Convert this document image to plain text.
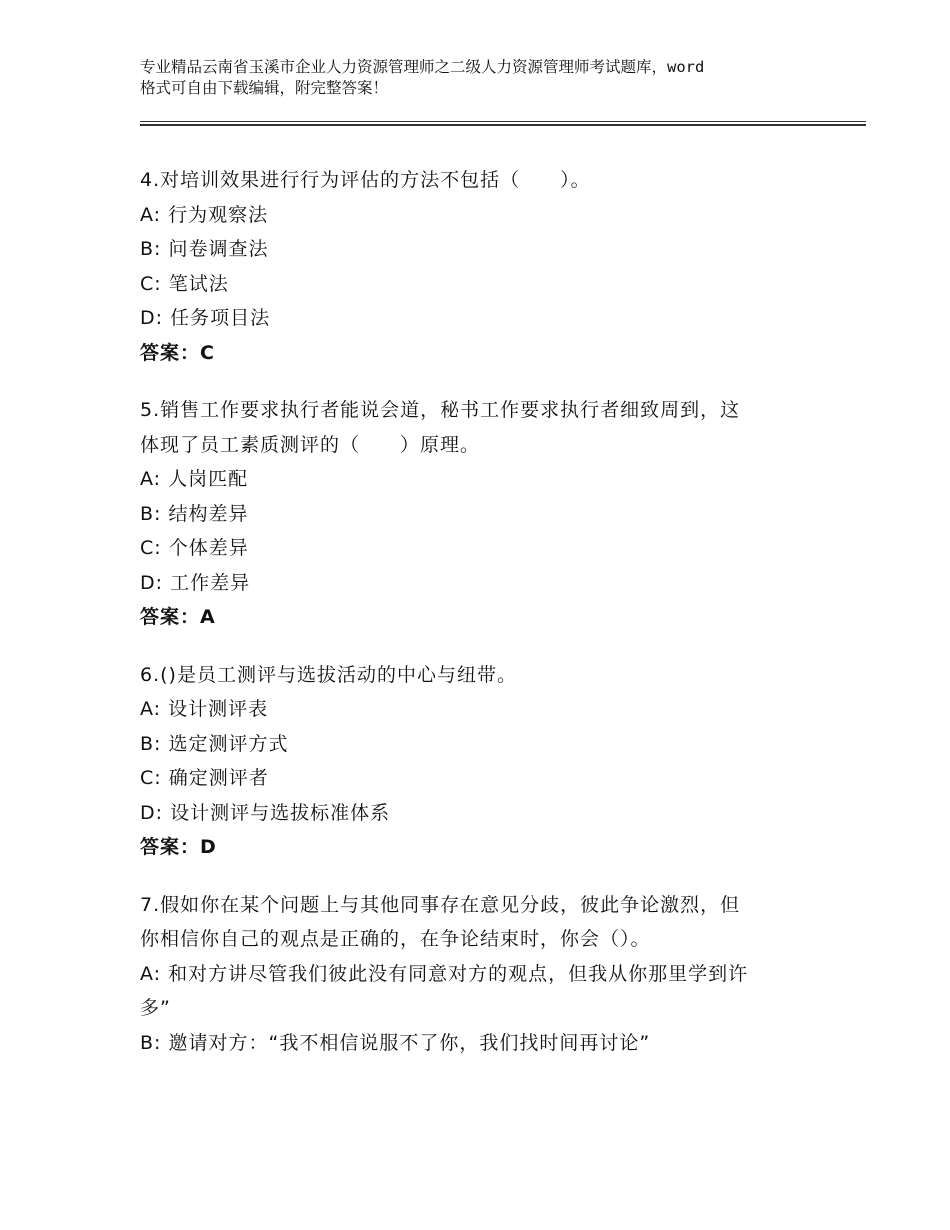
专业精品云南省玉溪市企业人力资源管理师之二级人力资源管理师考试题库，word
格式可自由下载编辑，附完整答案！
4.对培训效果进行行为评估的方法不包括（　　）。
A: 行为观察法
B: 问卷调查法
C: 笔试法
D: 任务项目法
答案：C
5.销售工作要求执行者能说会道，秘书工作要求执行者细致周到，这
体现了员工素质测评的（　　）原理。
A: 人岗匹配
B: 结构差异
C: 个体差异
D: 工作差异
答案：A
6.()是员工测评与选拔活动的中心与纽带。
A: 设计测评表
B: 选定测评方式
C: 确定测评者
D: 设计测评与选拔标准体系
答案：D
7.假如你在某个问题上与其他同事存在意见分歧，彼此争论激烈，但
你相信你自己的观点是正确的，在争论结束时，你会（）。
A: 和对方讲尽管我们彼此没有同意对方的观点，但我从你那里学到许
多”
B: 邀请对方：“我不相信说服不了你，我们找时间再讨论”
